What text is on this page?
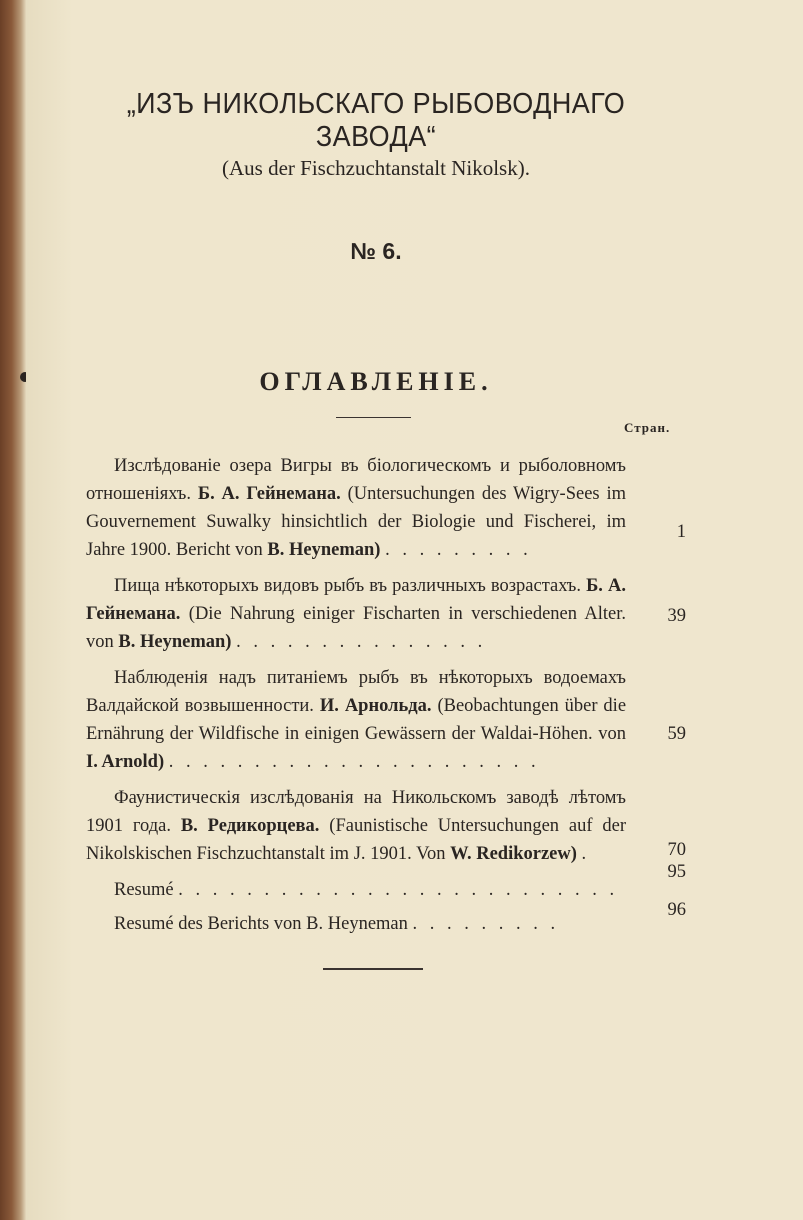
„ИЗЪ НИКОЛЬСКАГО РЫБОВОДНАГО ЗАВОДА“
(Aus der Fischzuchtanstalt Nikolsk).
№ 6.
ОГЛАВЛЕНІЕ.
Стран.

Изслѣдованіе озера Вигры въ біологическомъ и рыболовномъ отношеніяхъ. Б. А. Гейнемана. (Untersuchungen des Wigry-Sees im Gouvernement Suwalky hinsichtlich der Biologie und Fischerei, im Jahre 1900. Bericht von B. Heyneman) . . . . . . . . .

1

Пища нѣкоторыхъ видовъ рыбъ въ различныхъ возрастахъ. Б. А. Гейнемана. (Die Nahrung einiger Fischarten in verschiedenen Alter. von B. Heyneman) . . . . . . . . . . . . . . .

39

Наблюденія надъ питаніемъ рыбъ въ нѣкоторыхъ водоемахъ Валдайской возвышенности. И. Арнольда. (Beobachtungen über die Ernährung der Wildfische in einigen Gewässern der Waldai-Höhen. von I. Arnold) . . . . . . . . . . . . . . . . . . . . . .

59

Фаунистическія изслѣдованія на Никольскомъ заводѣ лѣтомъ 1901 года. В. Редикорцева. (Faunistische Untersuchungen auf der Nikolskischen Fischzuchtanstalt im J. 1901. Von W. Redikorzew) .	70

Resumé . . . . . . . . . . . . . . . . . . . . . . . . . .

95

Resumé des Berichts von B. Heyneman . . . . . . . . .

96
